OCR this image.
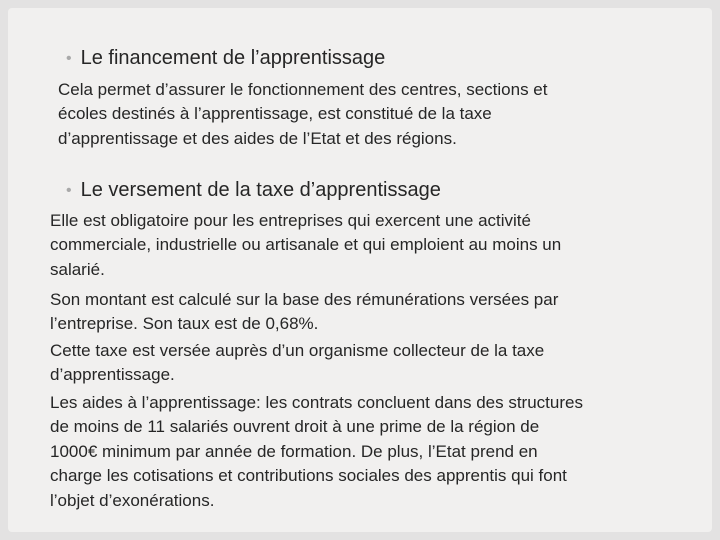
• Le financement de l’apprentissage

Cela permet d’assurer le fonctionnement des centres, sections et
écoles destinés à l’apprentissage, est constitué de la taxe
d’apprentissage et des aides de l’Etat et des régions.

• Le versement de la taxe d’apprentissage

Elle est obligatoire pour les entreprises qui exercent une activité
commerciale, industrielle ou artisanale et qui emploient au moins un
salarié.

Son montant est calculé sur la base des rémunérations versées par
l’entreprise. Son taux est de 0,68%.

Cette taxe est versée auprès d’un organisme collecteur de la taxe
d’apprentissage.

Les aides à l’apprentissage: les contrats concluent dans des structures
de moins de 11 salariés ouvrent droit à une prime de la région de
1000€ minimum par année de formation. De plus, l’Etat prend en
charge les cotisations et contributions sociales des apprentis qui font
l’objet d’exonérations.
